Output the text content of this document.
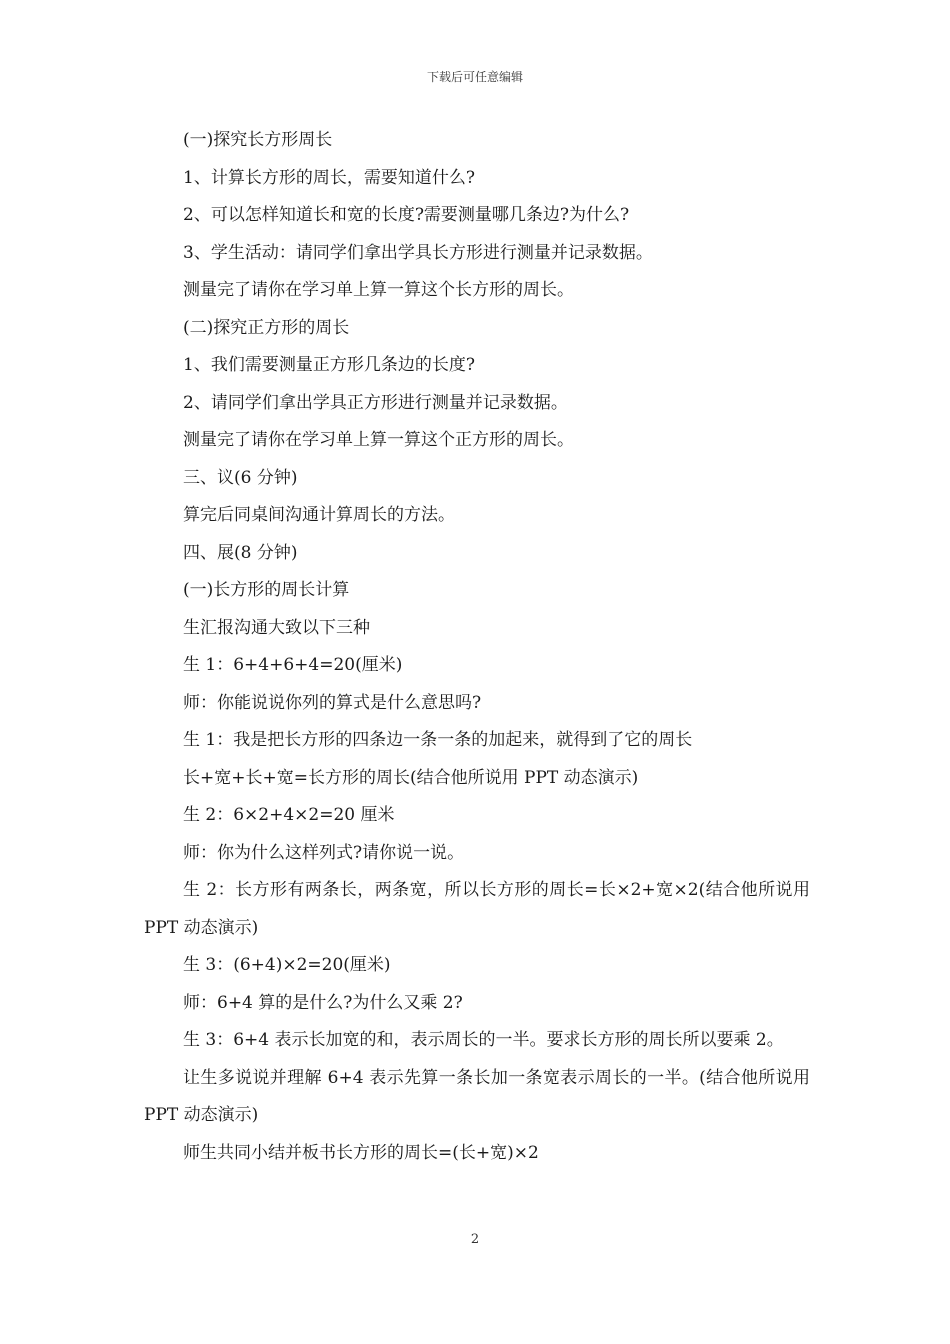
下载后可任意编辑

(一)探究长方形周长

1、计算长方形的周长，需要知道什么?

2、可以怎样知道长和宽的长度?需要测量哪几条边?为什么?

3、学生活动：请同学们拿出学具长方形进行测量并记录数据。

测量完了请你在学习单上算一算这个长方形的周长。

(二)探究正方形的周长

1、我们需要测量正方形几条边的长度?

2、请同学们拿出学具正方形进行测量并记录数据。

测量完了请你在学习单上算一算这个正方形的周长。

三、议(6 分钟)

算完后同桌间沟通计算周长的方法。

四、展(8 分钟)

(一)长方形的周长计算

生汇报沟通大致以下三种

生 1：6+4+6+4=20(厘米)

师：你能说说你列的算式是什么意思吗?

生 1：我是把长方形的四条边一条一条的加起来，就得到了它的周长

长+宽+长+宽=长方形的周长(结合他所说用 PPT 动态演示)

生 2：6×2+4×2=20 厘米

师：你为什么这样列式?请你说一说。

生 2：长方形有两条长，两条宽，所以长方形的周长=长×2+宽×2(结合他所说用 PPT 动态演示)

生 3：(6+4)×2=20(厘米)

师：6+4 算的是什么?为什么又乘 2?

生 3：6+4 表示长加宽的和，表示周长的一半。要求长方形的周长所以要乘 2。

让生多说说并理解 6+4 表示先算一条长加一条宽表示周长的一半。(结合他所说用 PPT 动态演示)

师生共同小结并板书长方形的周长=(长+宽)×2

2
